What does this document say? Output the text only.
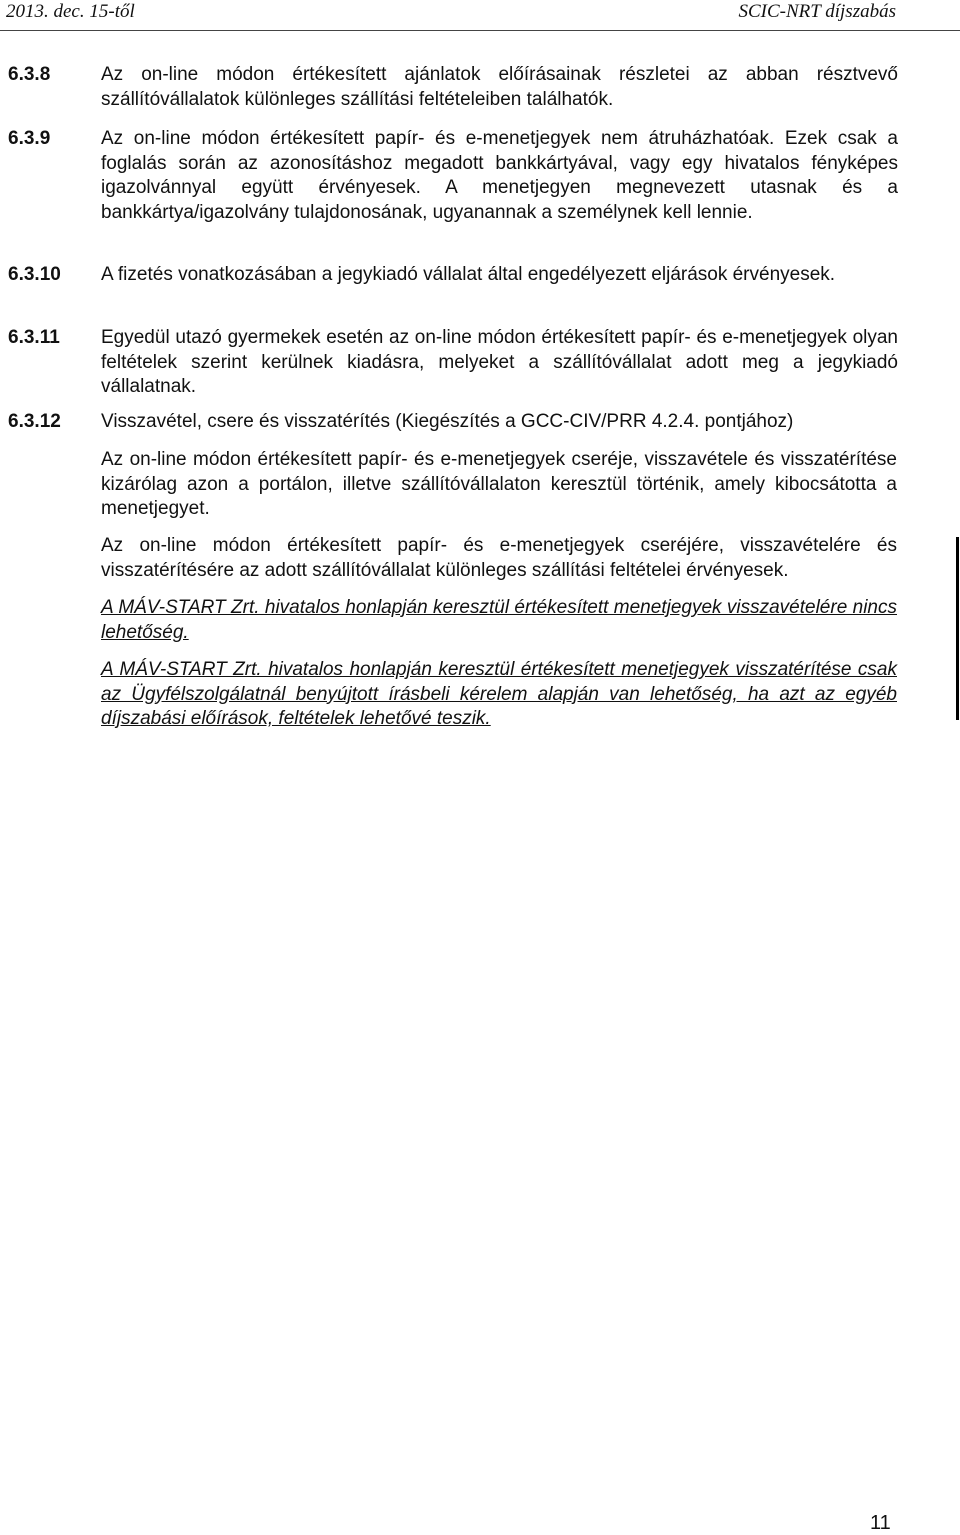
2013. dec. 15-től	SCIC-NRT díjszabás
6.3.8	Az on-line módon értékesített ajánlatok előírásainak részletei az abban résztvevő szállítóvállalatok különleges szállítási feltételeiben találhatók.
6.3.9	Az on-line módon értékesített papír- és e-menetjegyek nem átruházhatóak. Ezek csak a foglalás során az azonosításhoz megadott bankkártyával, vagy egy hivatalos fényképes igazolvánnyal együtt érvényesek. A menetjegyen megnevezett utasnak és a bankkártya/igazolvány tulajdonosának, ugyanannak a személynek kell lennie.
6.3.10	A fizetés vonatkozásában a jegykiadó vállalat által engedélyezett eljárások érvényesek.
6.3.11	Egyedül utazó gyermekek esetén az on-line módon értékesített papír- és e-menetjegyek olyan feltételek szerint kerülnek kiadásra, melyeket a szállítóvállalat adott meg a jegykiadó vállalatnak.
6.3.12	Visszavétel, csere és visszatérítés (Kiegészítés a GCC-CIV/PRR 4.2.4. pontjához)
Az on-line módon értékesített papír- és e-menetjegyek cseréje, visszavétele és visszatérítése kizárólag azon a portálon, illetve szállítóvállalaton keresztül történik, amely kibocsátotta a menetjegyet.
Az on-line módon értékesített papír- és e-menetjegyek cseréjére, visszavételére és visszatérítésére az adott szállítóvállalat különleges szállítási feltételei érvényesek.
A MÁV-START Zrt. hivatalos honlapján keresztül értékesített menetjegyek visszavételére nincs lehetőség.
A MÁV-START Zrt. hivatalos honlapján keresztül értékesített menetjegyek visszatérítése csak az Ügyfélszolgálatnál benyújtott írásbeli kérelem alapján van lehetőség, ha azt az egyéb díjszabási előírások, feltételek lehetővé teszik.
11
